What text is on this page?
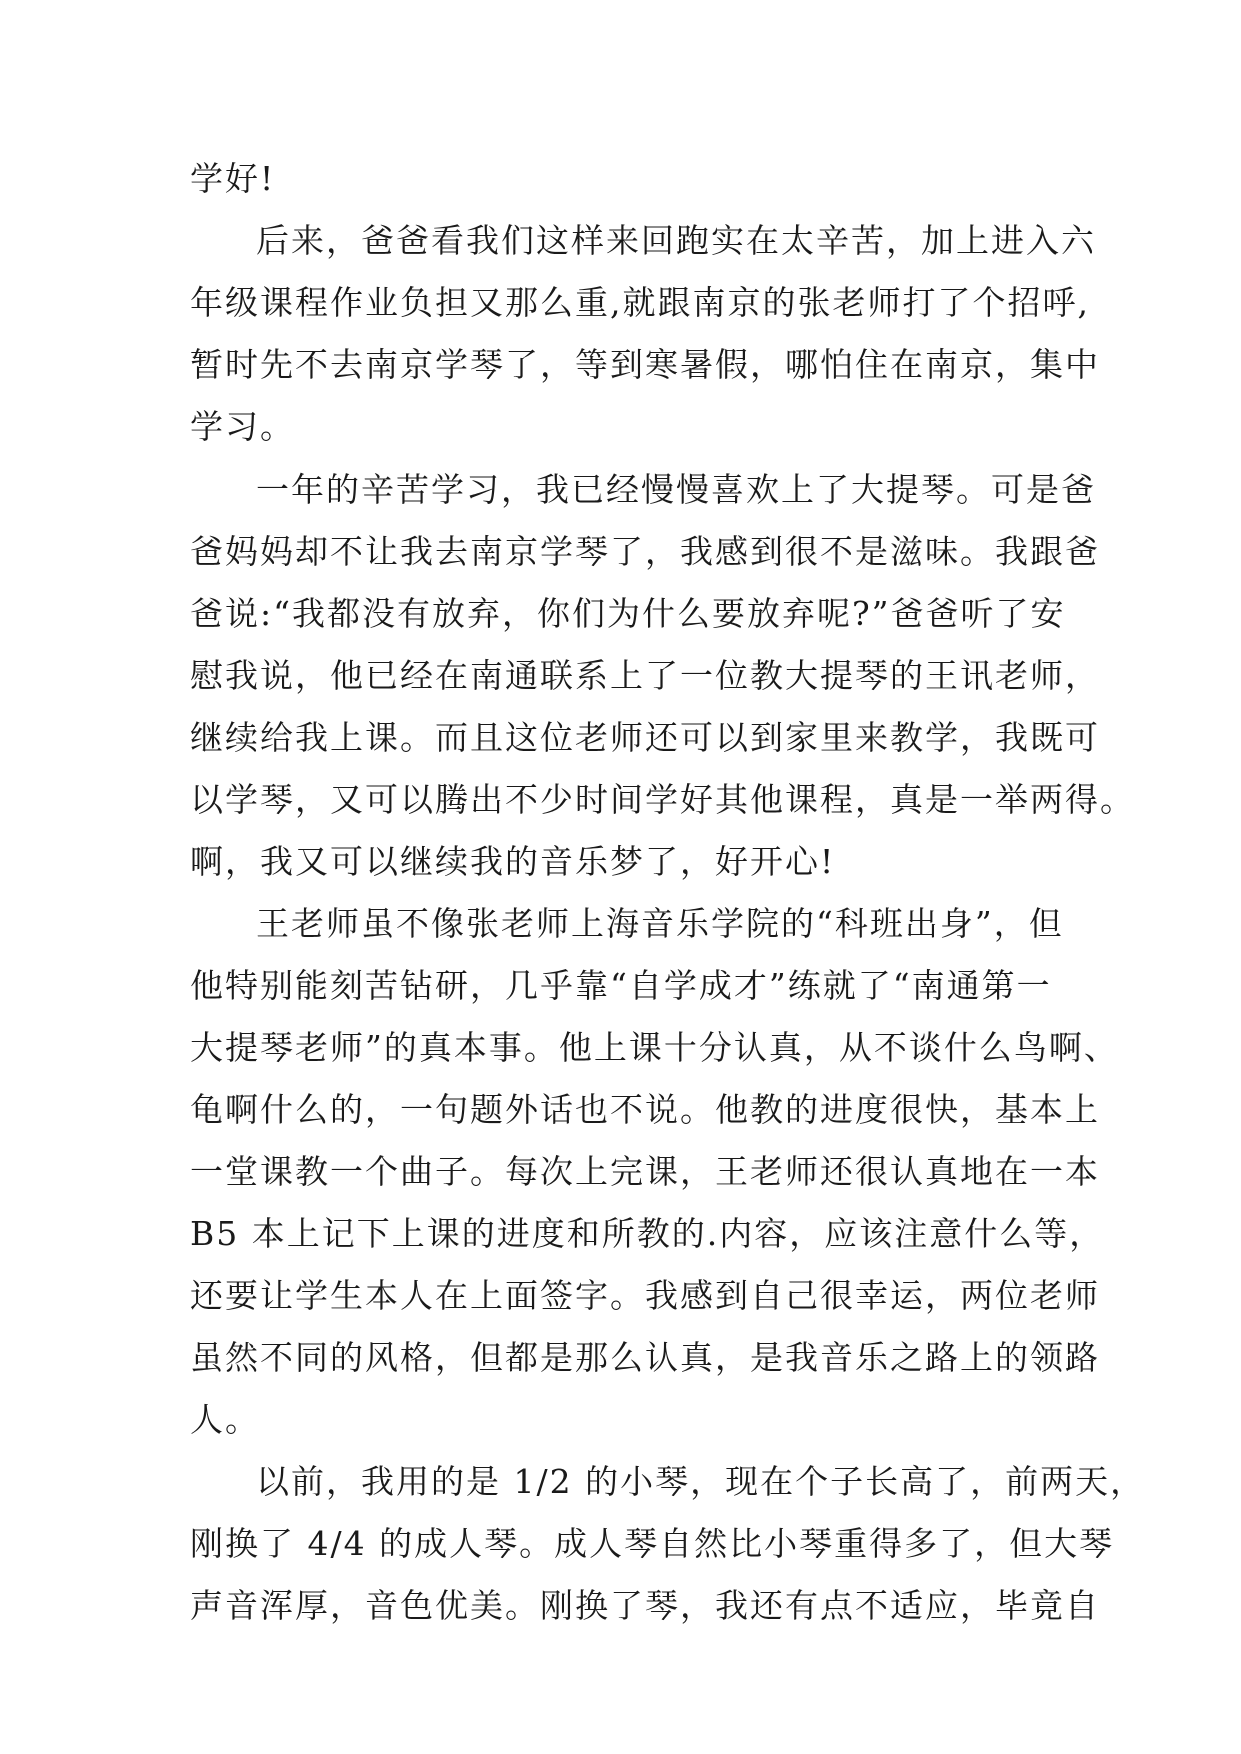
学好!
后来，爸爸看我们这样来回跑实在太辛苦，加上进入六
年级课程作业负担又那么重,就跟南京的张老师打了个招呼,
暂时先不去南京学琴了，等到寒暑假，哪怕住在南京，集中
学习。
一年的辛苦学习，我已经慢慢喜欢上了大提琴。可是爸
爸妈妈却不让我去南京学琴了，我感到很不是滋味。我跟爸
爸说:“我都没有放弃，你们为什么要放弃呢?”爸爸听了安
慰我说，他已经在南通联系上了一位教大提琴的王讯老师，
继续给我上课。而且这位老师还可以到家里来教学，我既可
以学琴，又可以腾出不少时间学好其他课程，真是一举两得。
啊，我又可以继续我的音乐梦了，好开心!
王老师虽不像张老师上海音乐学院的“科班出身”，但
他特别能刻苦钻研，几乎靠“自学成才”练就了“南通第一
大提琴老师”的真本事。他上课十分认真，从不谈什么鸟啊、
龟啊什么的，一句题外话也不说。他教的进度很快，基本上
一堂课教一个曲子。每次上完课，王老师还很认真地在一本
B5 本上记下上课的进度和所教的.内容，应该注意什么等，
还要让学生本人在上面签字。我感到自己很幸运，两位老师
虽然不同的风格，但都是那么认真，是我音乐之路上的领路
人。
以前，我用的是 1/2 的小琴，现在个子长高了，前两天，
刚换了 4/4 的成人琴。成人琴自然比小琴重得多了，但大琴
声音浑厚，音色优美。刚换了琴，我还有点不适应，毕竟自
